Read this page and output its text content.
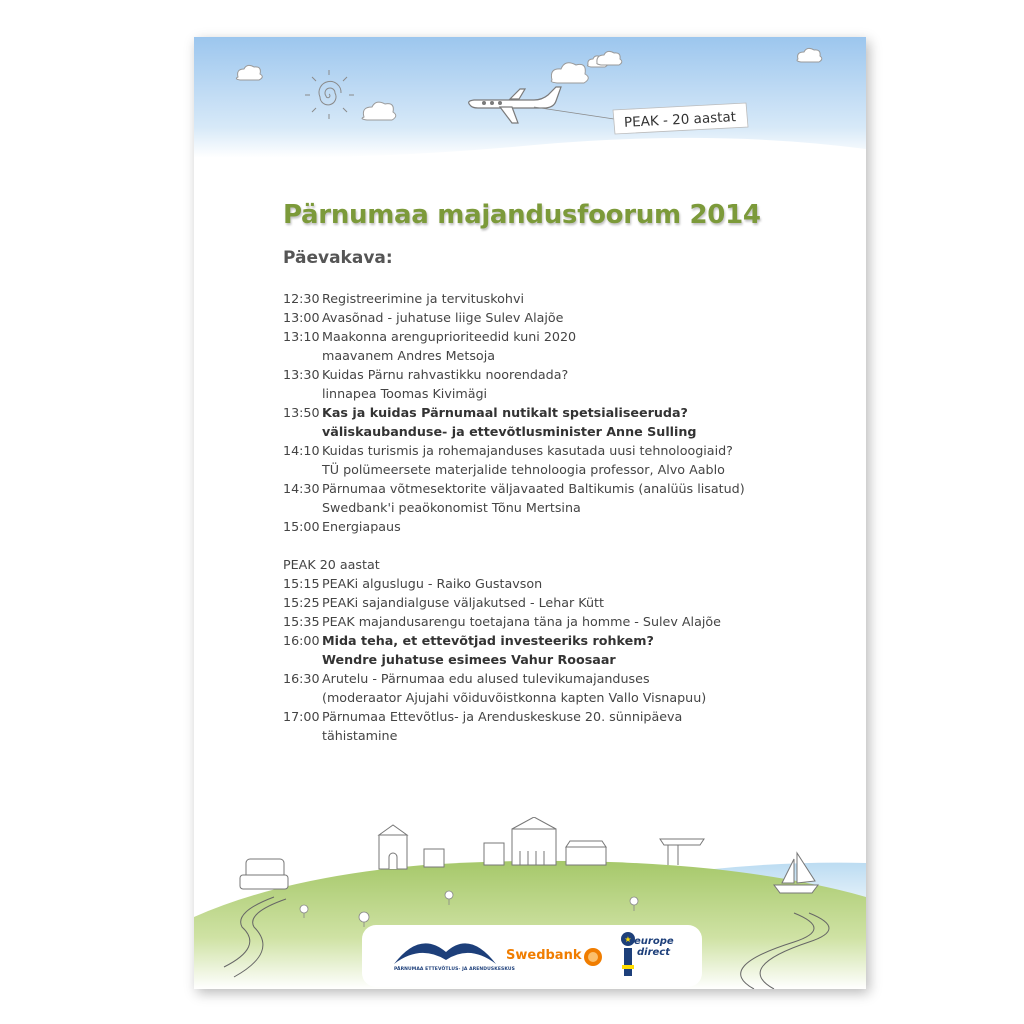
PEAK - 20 aastat
Pärnumaa majandusfoorum 2014
Päevakava:
12:30 Registreerimine ja tervituskohvi
13:00 Avasõnad - juhatuse liige Sulev Alajõe
13:10 Maakonna arenguprioriteedid kuni 2020
maavanem Andres Metsoja
13:30 Kuidas Pärnu rahvastikku noorendada?
linnapea Toomas Kivimägi
13:50 Kas ja kuidas Pärnumaal nutikalt spetsialiseeruda?
väliskaubanduse- ja ettevõtlusminister Anne Sulling
14:10 Kuidas turismis ja rohemajanduses kasutada uusi tehnoloogiaid?
TÜ polümeersete materjalide tehnoloogia professor, Alvo Aablo
14:30 Pärnumaa võtmesektorite väljavaated Baltikumis (analüüs lisatud)
Swedbank'i peaökonomist Tõnu Mertsina
15:00 Energiapaus
PEAK 20 aastat
15:15 PEAKi alguslugu - Raiko Gustavson
15:25 PEAKi sajandialguse väljakutsed - Lehar Kütt
15:35 PEAK majandusarengu toetajana täna ja homme - Sulev Alajõe
16:00 Mida teha, et ettevõtjad investeeriks rohkem?
Wendre juhatuse esimees Vahur Roosaar
16:30 Arutelu - Pärnumaa edu alused tulevikumajanduses
(moderaator Ajujahi võiduvõistkonna kapten Vallo Visnapuu)
17:00 Pärnumaa Ettevõtlus- ja Arenduskeskuse 20. sünnipäeva
tähistamine
PÄRNUMAA ETTEVÕTLUS- JA ARENDUSKESKUS
Swedbank
★ europe
direct
